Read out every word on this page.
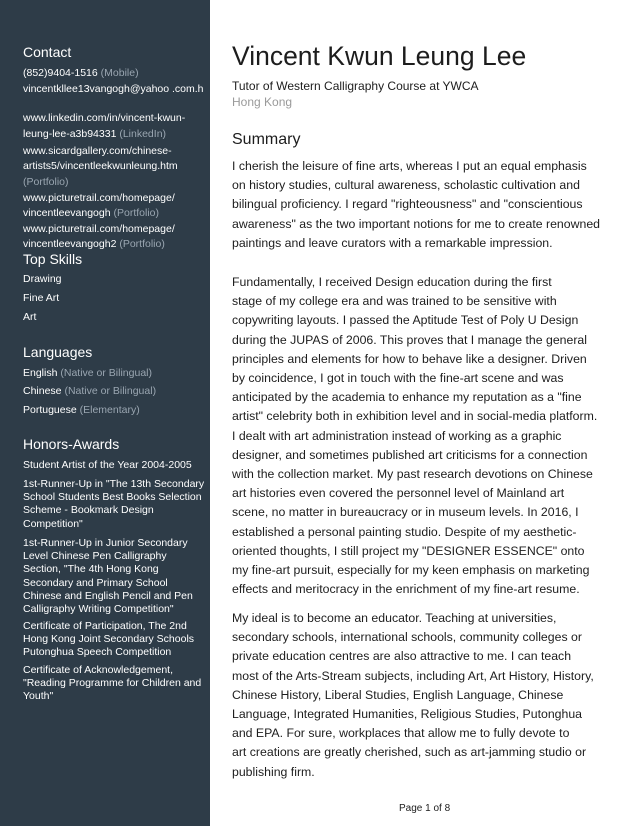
Contact
(852)9404-1516 (Mobile)
vincentkllee13vangogh@yahoo .com.h
www.linkedin.com/in/vincent-kwun-
leung-lee-a3b94331 (LinkedIn)
www.sicardgallery.com/chinese-
artists5/vincentleekwunleung.htm
(Portfolio)
www.picturetrail.com/homepage/
vincentleevangogh (Portfolio)
www.picturetrail.com/homepage/
vincentleevangogh2 (Portfolio)
Top Skills
Drawing
Fine Art
Art
Languages
English (Native or Bilingual)
Chinese (Native or Bilingual)
Portuguese (Elementary)
Honors-Awards
Student Artist of the Year 2004-2005
1st-Runner-Up in "The 13th Secondary School Students Best Books Selection Scheme - Bookmark Design Competition"
1st-Runner-Up in Junior Secondary Level Chinese Pen Calligraphy Section, "The 4th Hong Kong Secondary and Primary School Chinese and English Pencil and Pen Calligraphy Writing Competition"
Certificate of Participation, The 2nd Hong Kong Joint Secondary Schools Putonghua Speech Competition
Certificate of Acknowledgement, "Reading Programme for Children and Youth"
Vincent Kwun Leung Lee
Tutor of Western Calligraphy Course at YWCA
Hong Kong
Summary
I cherish the leisure of fine arts, whereas I put an equal emphasis
on history studies, cultural awareness, scholastic cultivation and
bilingual proficiency. I regard "righteousness" and "conscientious
awareness" as the two important notions for me to create renowned
paintings and leave curators with a remarkable impression.
Fundamentally, I received Design education during the first
stage of my college era and was trained to be sensitive with
copywriting layouts. I passed the Aptitude Test of Poly U Design
during the JUPAS of 2006. This proves that I manage the general
principles and elements for how to behave like a designer. Driven
by coincidence, I got in touch with the fine-art scene and was
anticipated by the academia to enhance my reputation as a "fine
artist" celebrity both in exhibition level and in social-media platform.
I dealt with art administration instead of working as a graphic
designer, and sometimes published art criticisms for a connection
with the collection market. My past research devotions on Chinese
art histories even covered the personnel level of Mainland art
scene, no matter in bureaucracy or in museum levels. In 2016, I
established a personal painting studio. Despite of my aesthetic-
oriented thoughts, I still project my "DESIGNER ESSENCE" onto
my fine-art pursuit, especially for my keen emphasis on marketing
effects and meritocracy in the enrichment of my fine-art resume.
My ideal is to become an educator. Teaching at universities,
secondary schools, international schools, community colleges or
private education centres are also attractive to me. I can teach
most of the Arts-Stream subjects, including Art, Art History, History,
Chinese History, Liberal Studies, English Language, Chinese
Language, Integrated Humanities, Religious Studies, Putonghua
and EPA. For sure, workplaces that allow me to fully devote to
art creations are greatly cherished, such as art-jamming studio or
publishing firm.
Page 1 of 8
